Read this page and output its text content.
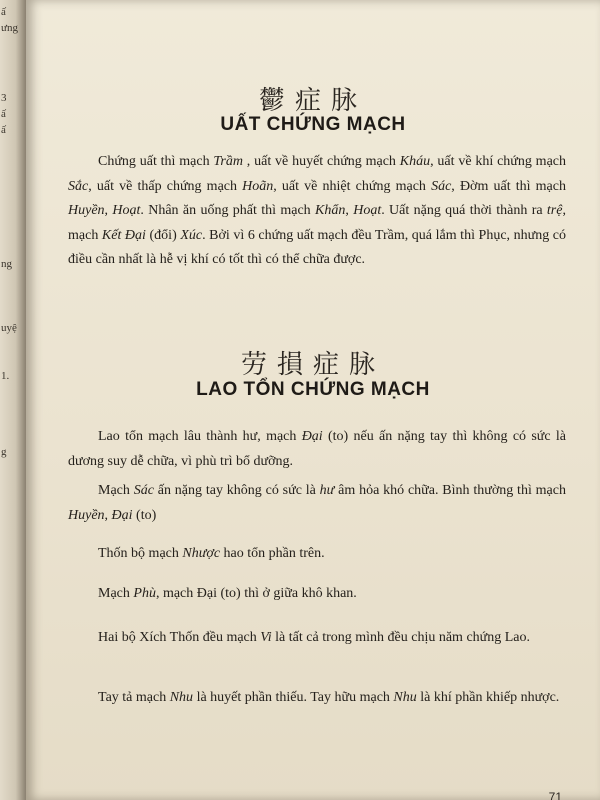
ấ
ưng
3
ấ
ấ
ng
uyệ
1.
g
鬱症脉
UẤT CHỨNG MẠCH
Chứng uất thì mạch Trầm , uất về huyết chứng mạch Kháu, uất về khí chứng mạch Sắc, uất về thấp chứng mạch Hoãn, uất về nhiệt chứng mạch Sác, Đờm uất thì mạch Huyền, Hoạt. Nhân ăn uống phất thì mạch Khẩn, Hoạt. Uất nặng quá thời thành ra trệ, mạch Kết Đại (đổi) Xúc. Bởi vì 6 chứng uất mạch đều Trầm, quá lắm thì Phục, nhưng có điều cần nhất là hễ vị khí có tốt thì có thể chữa được.
劳損症脉
LAO TỔN CHỨNG MẠCH
Lao tổn mạch lâu thành hư, mạch Đại (to) nếu ấn nặng tay thì không có sức là dương suy dễ chữa, vì phù trì bổ dưỡng.
Mạch Sác ấn nặng tay không có sức là hư âm hỏa khó chữa. Bình thường thì mạch Huyền, Đại (to)
Thốn bộ mạch Nhược hao tổn phần trên.
Mạch Phù, mạch Đại (to) thì ở giữa khô khan.
Hai bộ Xích Thốn đều mạch Vi là tất cả trong mình đều chịu năm chứng Lao.
Tay tả mạch Nhu là huyết phần thiếu. Tay hữu mạch Nhu là khí phần khiếp nhược.
71
